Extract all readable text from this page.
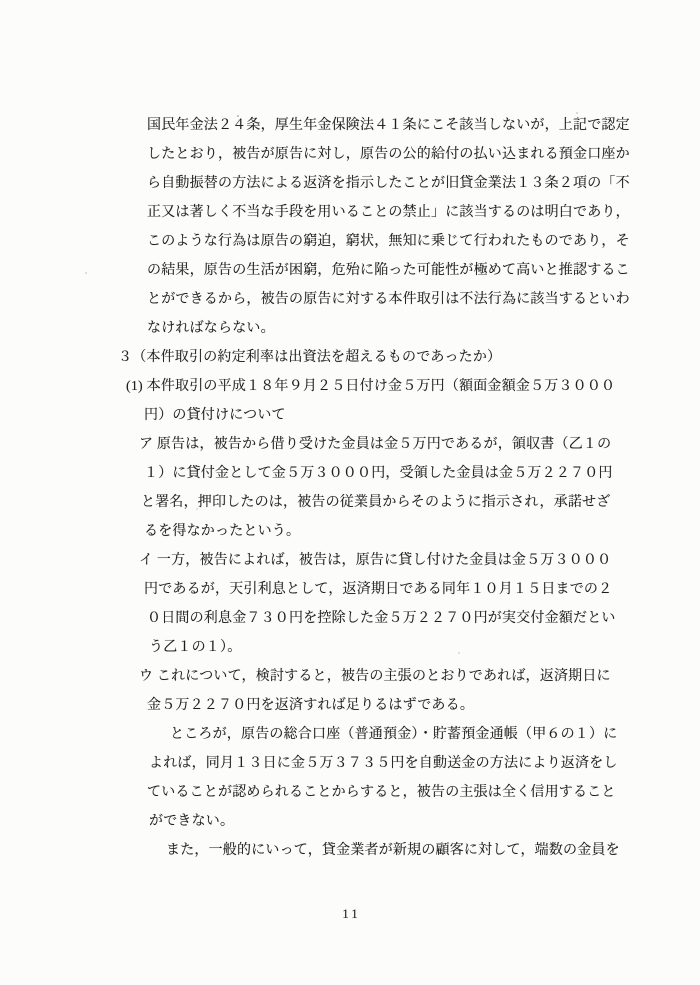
国民年金法２４条，厚生年金保険法４１条にこそ該当しないが，上記で認定
したとおり，被告が原告に対し，原告の公的給付の払い込まれる預金口座か
ら自動振替の方法による返済を指示したことが旧貸金業法１３条２項の「不
正又は著しく不当な手段を用いることの禁止」に該当するのは明白であり，
このような行為は原告の窮迫，窮状，無知に乗じて行われたものであり，そ
の結果，原告の生活が困窮，危殆に陥った可能性が極めて高いと推認するこ
とができるから，被告の原告に対する本件取引は不法行為に該当するといわ
なければならない。
３（本件取引の約定利率は出資法を超えるものであったか）
(1) 本件取引の平成１８年９月２５日付け金５万円（額面金額金５万３０００
円）の貸付けについて
ア 原告は，被告から借り受けた金員は金５万円であるが，領収書（乙１の
１）に貸付金として金５万３０００円，受領した金員は金５万２２７０円
と署名，押印したのは，被告の従業員からそのように指示され，承諾せざ
るを得なかったという。
イ 一方，被告によれば，被告は，原告に貸し付けた金員は金５万３０００
円であるが，天引利息として，返済期日である同年１０月１５日までの２
０日間の利息金７３０円を控除した金５万２２７０円が実交付金額だとい
う乙１の１）。
ウ これについて，検討すると，被告の主張のとおりであれば，返済期日に
金５万２２７０円を返済すれば足りるはずである。
ところが，原告の総合口座（普通預金）・貯蓄預金通帳（甲６の１）に
よれば，同月１３日に金５万３７３５円を自動送金の方法により返済をし
ていることが認められることからすると，被告の主張は全く信用すること
ができない。
また，一般的にいって，貸金業者が新規の顧客に対して，端数の金員を
11
